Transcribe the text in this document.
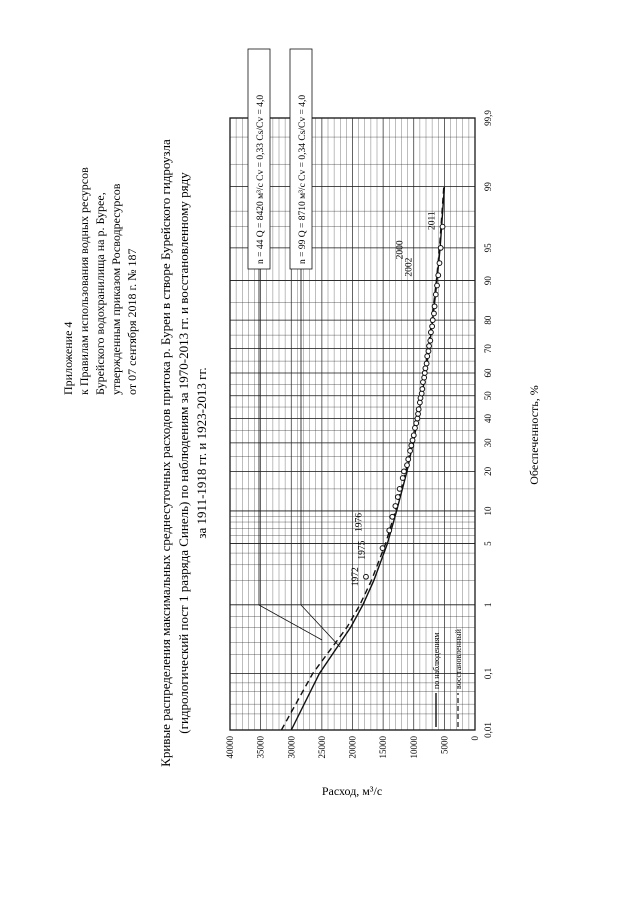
Приложение 4 к Правилам использования водных ресурсов Бурейского водохранилища на р. Бурее, утвержденным приказом Росводресурсов от 07 сентября 2018 г. № 187 Кривые распределения максимальных среднесуточных расходов притока р. Буреи в створе Бурейского гидроузла (гидрологический пост 1 разряда Синель) по наблюдениям за 1970-2013 гг. и восстановленному ряду за 1911-1918 гг. и 1923-2013 гг.
0,01
0,1
1
5
10
20
30
40
50
60
70
80
90
95
99
99,9
0
5000
10000
15000
20000
25000
30000
35000
40000
1972
1975
1976
2002
2000
2011
n = 44 Q = 8420 м³/с Cv = 0,33 Cs/Cv = 4,0	n = 99 Q = 8710 м³/с Cv = 0,34 Cs/Cv = 4,0
по наблюдениям восстановленный
Обеспеченность, %
Расход, м³/с
